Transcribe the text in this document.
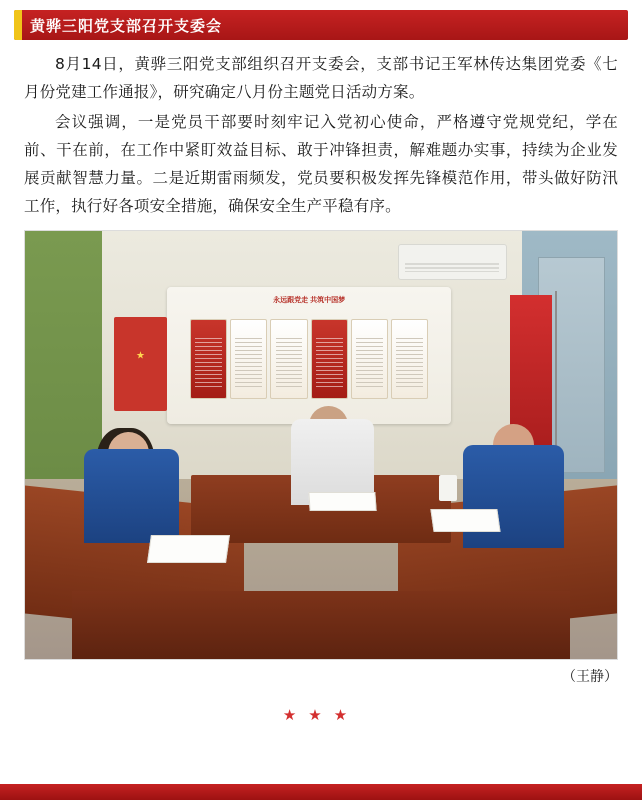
黄骅三阳党支部召开支委会

8月14日，黄骅三阳党支部组织召开支委会，支部书记王军林传达集团党委《七月份党建工作通报》，研究确定八月份主题党日活动方案。

会议强调，一是党员干部要时刻牢记入党初心使命，严格遵守党规党纪，学在前、干在前，在工作中紧盯效益目标、敢于冲锋担责，解难题办实事，持续为企业发展贡献智慧力量。二是近期雷雨频发，党员要积极发挥先锋模范作用，带头做好防汛工作，执行好各项安全措施，确保安全生产平稳有序。

永远跟党走 共筑中国梦
★
（王静）
★★★
